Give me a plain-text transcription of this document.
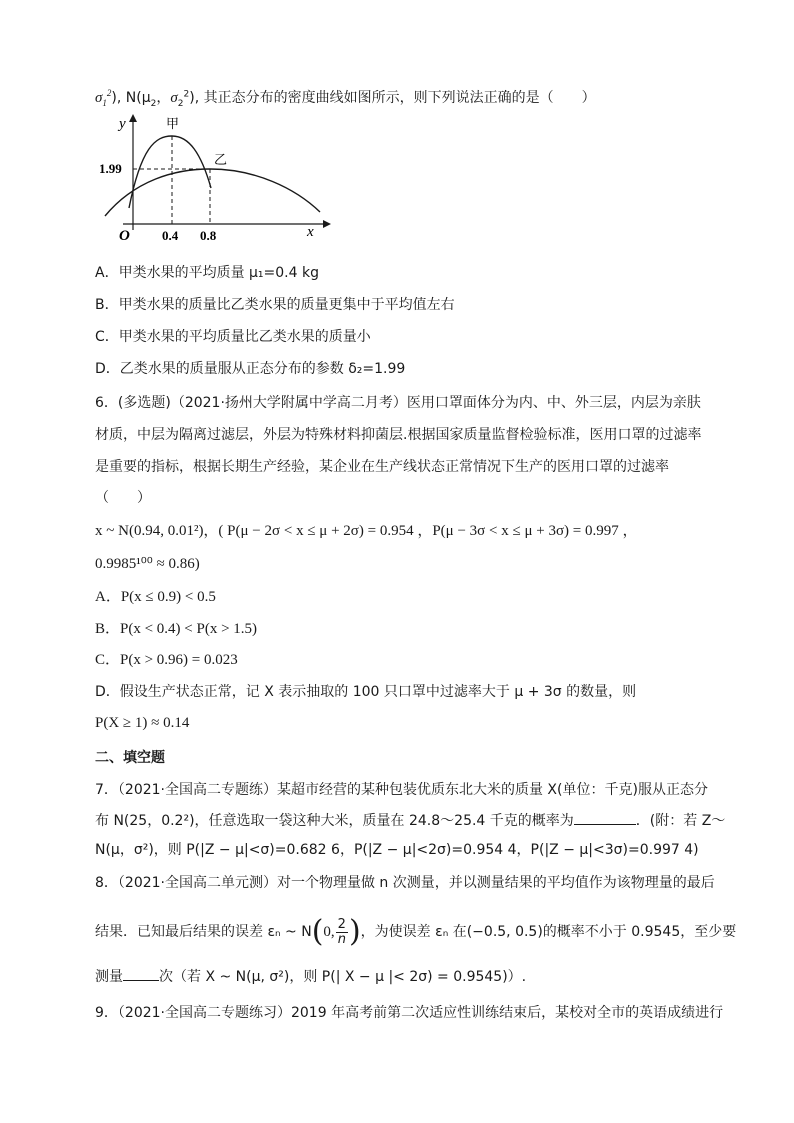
$\sigma_1^2$), $N(\mu_2$，$\sigma_2^2$), 其正态分布的密度曲线如图所示，则下列说法正确的是（　　）
y
x
O
甲
乙
1.99
0.4 0.8
A．甲类水果的平均质量 μ₁=0.4 kg
B．甲类水果的质量比乙类水果的质量更集中于平均值左右
C．甲类水果的平均质量比乙类水果的质量小
D．乙类水果的质量服从正态分布的参数 δ₂=1.99
6．(多选题)（2021·扬州大学附属中学高二月考）医用口罩面体分为内、中、外三层，内层为亲肤
材质，中层为隔离过滤层，外层为特殊材料抑菌层.根据国家质量监督检验标准，医用口罩的过滤率
是重要的指标，根据长期生产经验，某企业在生产线状态正常情况下生产的医用口罩的过滤率
（　　）
x ~ N(0.94, 0.01²)，( P(μ − 2σ < x ≤ μ + 2σ) = 0.954 ，P(μ − 3σ < x ≤ μ + 3σ) = 0.997 ，
0.9985¹⁰⁰ ≈ 0.86)
A．P(x ≤ 0.9) < 0.5
B．P(x < 0.4) < P(x > 1.5)
C．P(x > 0.96) = 0.023
D．假设生产状态正常，记 X 表示抽取的 100 只口罩中过滤率大于 μ + 3σ 的数量，则
P(X ≥ 1) ≈ 0.14
二、填空题
7．（2021·全国高二专题练）某超市经营的某种包装优质东北大米的质量 X(单位：千克)服从正态分
布 N(25，0.2²)，任意选取一袋这种大米，质量在 24.8～25.4 千克的概率为	．(附：若 Z～
N(μ，σ²)，则 P(|Z − μ|<σ)=0.682 6，P(|Z − μ|<2σ)=0.954 4，P(|Z − μ|<3σ)=0.997 4)
8．（2021·全国高二单元测）对一个物理量做 n 次测量，并以测量结果的平均值作为该物理量的最后
结果．已知最后结果的误差 εₙ ~ N(0, $\frac{2}{n}$ )，为使误差 εₙ 在(−0.5, 0.5)的概率不小于 0.9545，至少要
测量	次（若 X ~ N(μ, σ²)，则 P(| X − μ |< 2σ) = 0.9545)）.
9．（2021·全国高二专题练习）2019 年高考前第二次适应性训练结束后，某校对全市的英语成绩进行
